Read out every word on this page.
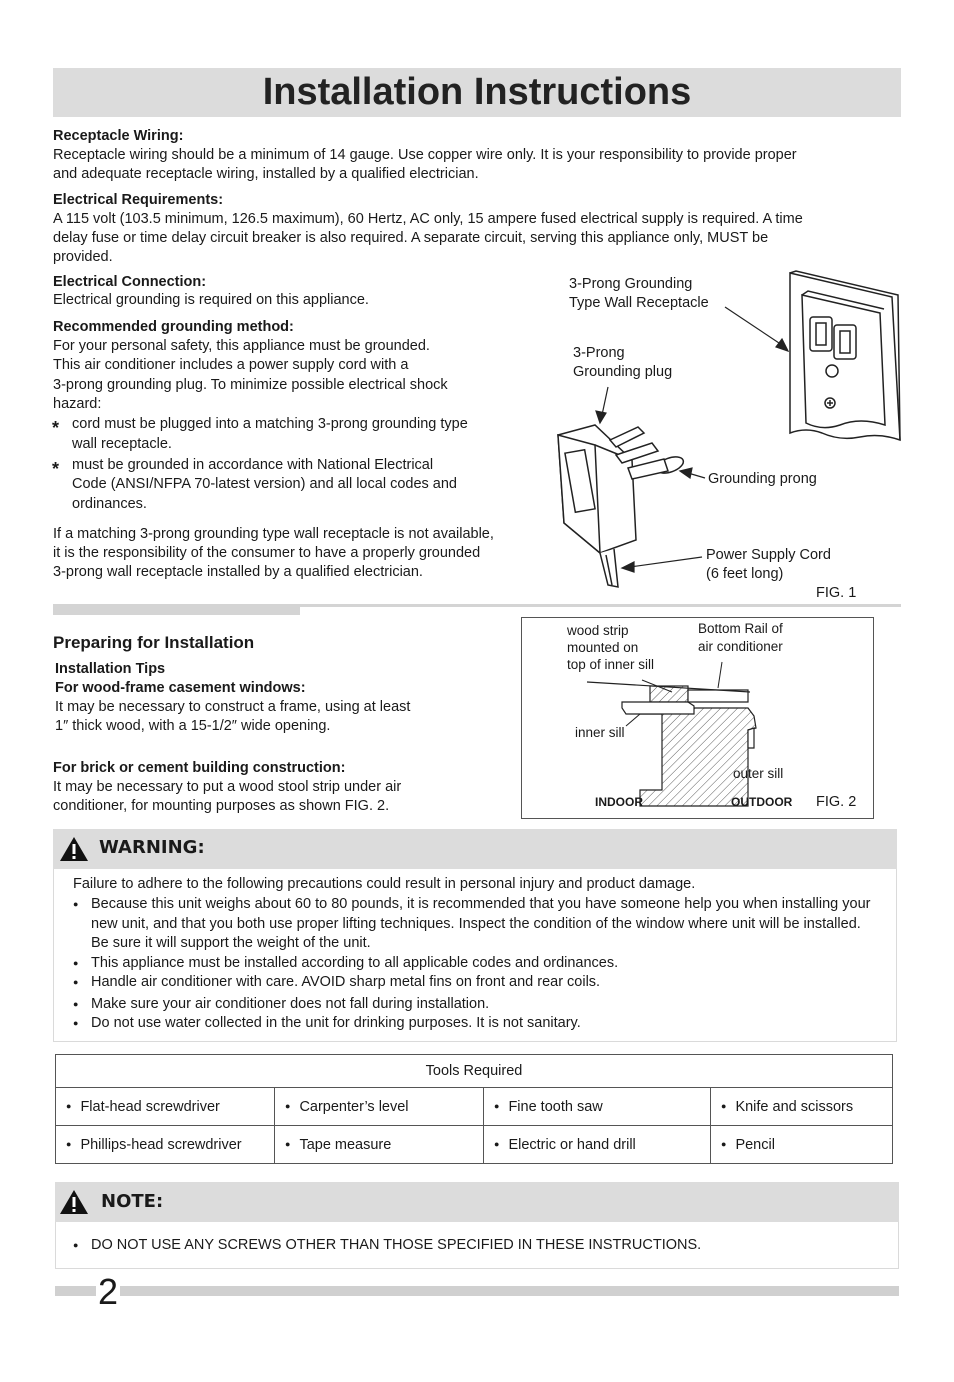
Installation Instructions
Receptacle Wiring:
Receptacle wiring should be a minimum of 14 gauge. Use copper wire only. It is your responsibility to provide proper
and adequate receptacle wiring, installed by a qualified electrician.
Electrical Requirements:
A 115 volt (103.5 minimum, 126.5 maximum), 60 Hertz, AC only, 15 ampere fused electrical supply is required. A time
delay fuse or time delay circuit breaker is also required. A separate circuit, serving this appliance only, MUST be
provided.
Electrical Connection:
Electrical grounding is required on this appliance.
Recommended grounding method:
For your personal safety, this appliance must be grounded.
This air conditioner includes a power supply cord with a
3-prong grounding plug. To minimize possible electrical shock
hazard:
* cord must be plugged into a matching 3-prong grounding type
wall receptacle.
* must be grounded in accordance with National Electrical
Code (ANSI/NFPA 70-latest version) and all local codes and
ordinances.
If a matching 3-prong grounding type wall receptacle is not available,
it is the responsibility of the consumer to have a properly grounded
3-prong wall receptacle installed by a qualified electrician.
3-Prong Grounding
Type Wall Receptacle
3-Prong
Grounding plug
Grounding prong
Power Supply Cord
(6 feet long)
FIG. 1
Preparing for Installation
Installation Tips
For wood-frame casement windows:
It may be necessary to construct a frame, using at least
1″ thick wood, with a 15-1/2″ wide opening.
For brick or cement building construction:
It may be necessary to put a wood stool strip under air
conditioner, for mounting purposes as shown FIG. 2.
wood strip
mounted on
top of inner sill
Bottom Rail of
air conditioner
inner sill
outer sill
INDOOR	OUTDOOR FIG. 2
WARNING:
Failure to adhere to the following precautions could result in personal injury and product damage.
● Because this unit weighs about 60 to 80 pounds, it is recommended that you have someone help you when installing your new unit, and that you both use proper lifting techniques. Inspect the condition of the window where unit will be installed. Be sure it will support the weight of the unit.
● This appliance must be installed according to all applicable codes and ordinances.
● Handle air conditioner with care. AVOID sharp metal fins on front and rear coils.
● Make sure your air conditioner does not fall during installation.
● Do not use water collected in the unit for drinking purposes. It is not sanitary.
Tools Required			
● Flat-head screwdriver	●Carpenter’s level	●Fine tooth saw	●Knife and scissors
● Phillips-head screwdriver	●Tape measure	●Electric or hand drill	●Pencil
NOTE:
● DO NOT USE ANY SCREWS OTHER THAN THOSE SPECIFIED IN THESE INSTRUCTIONS.
2
